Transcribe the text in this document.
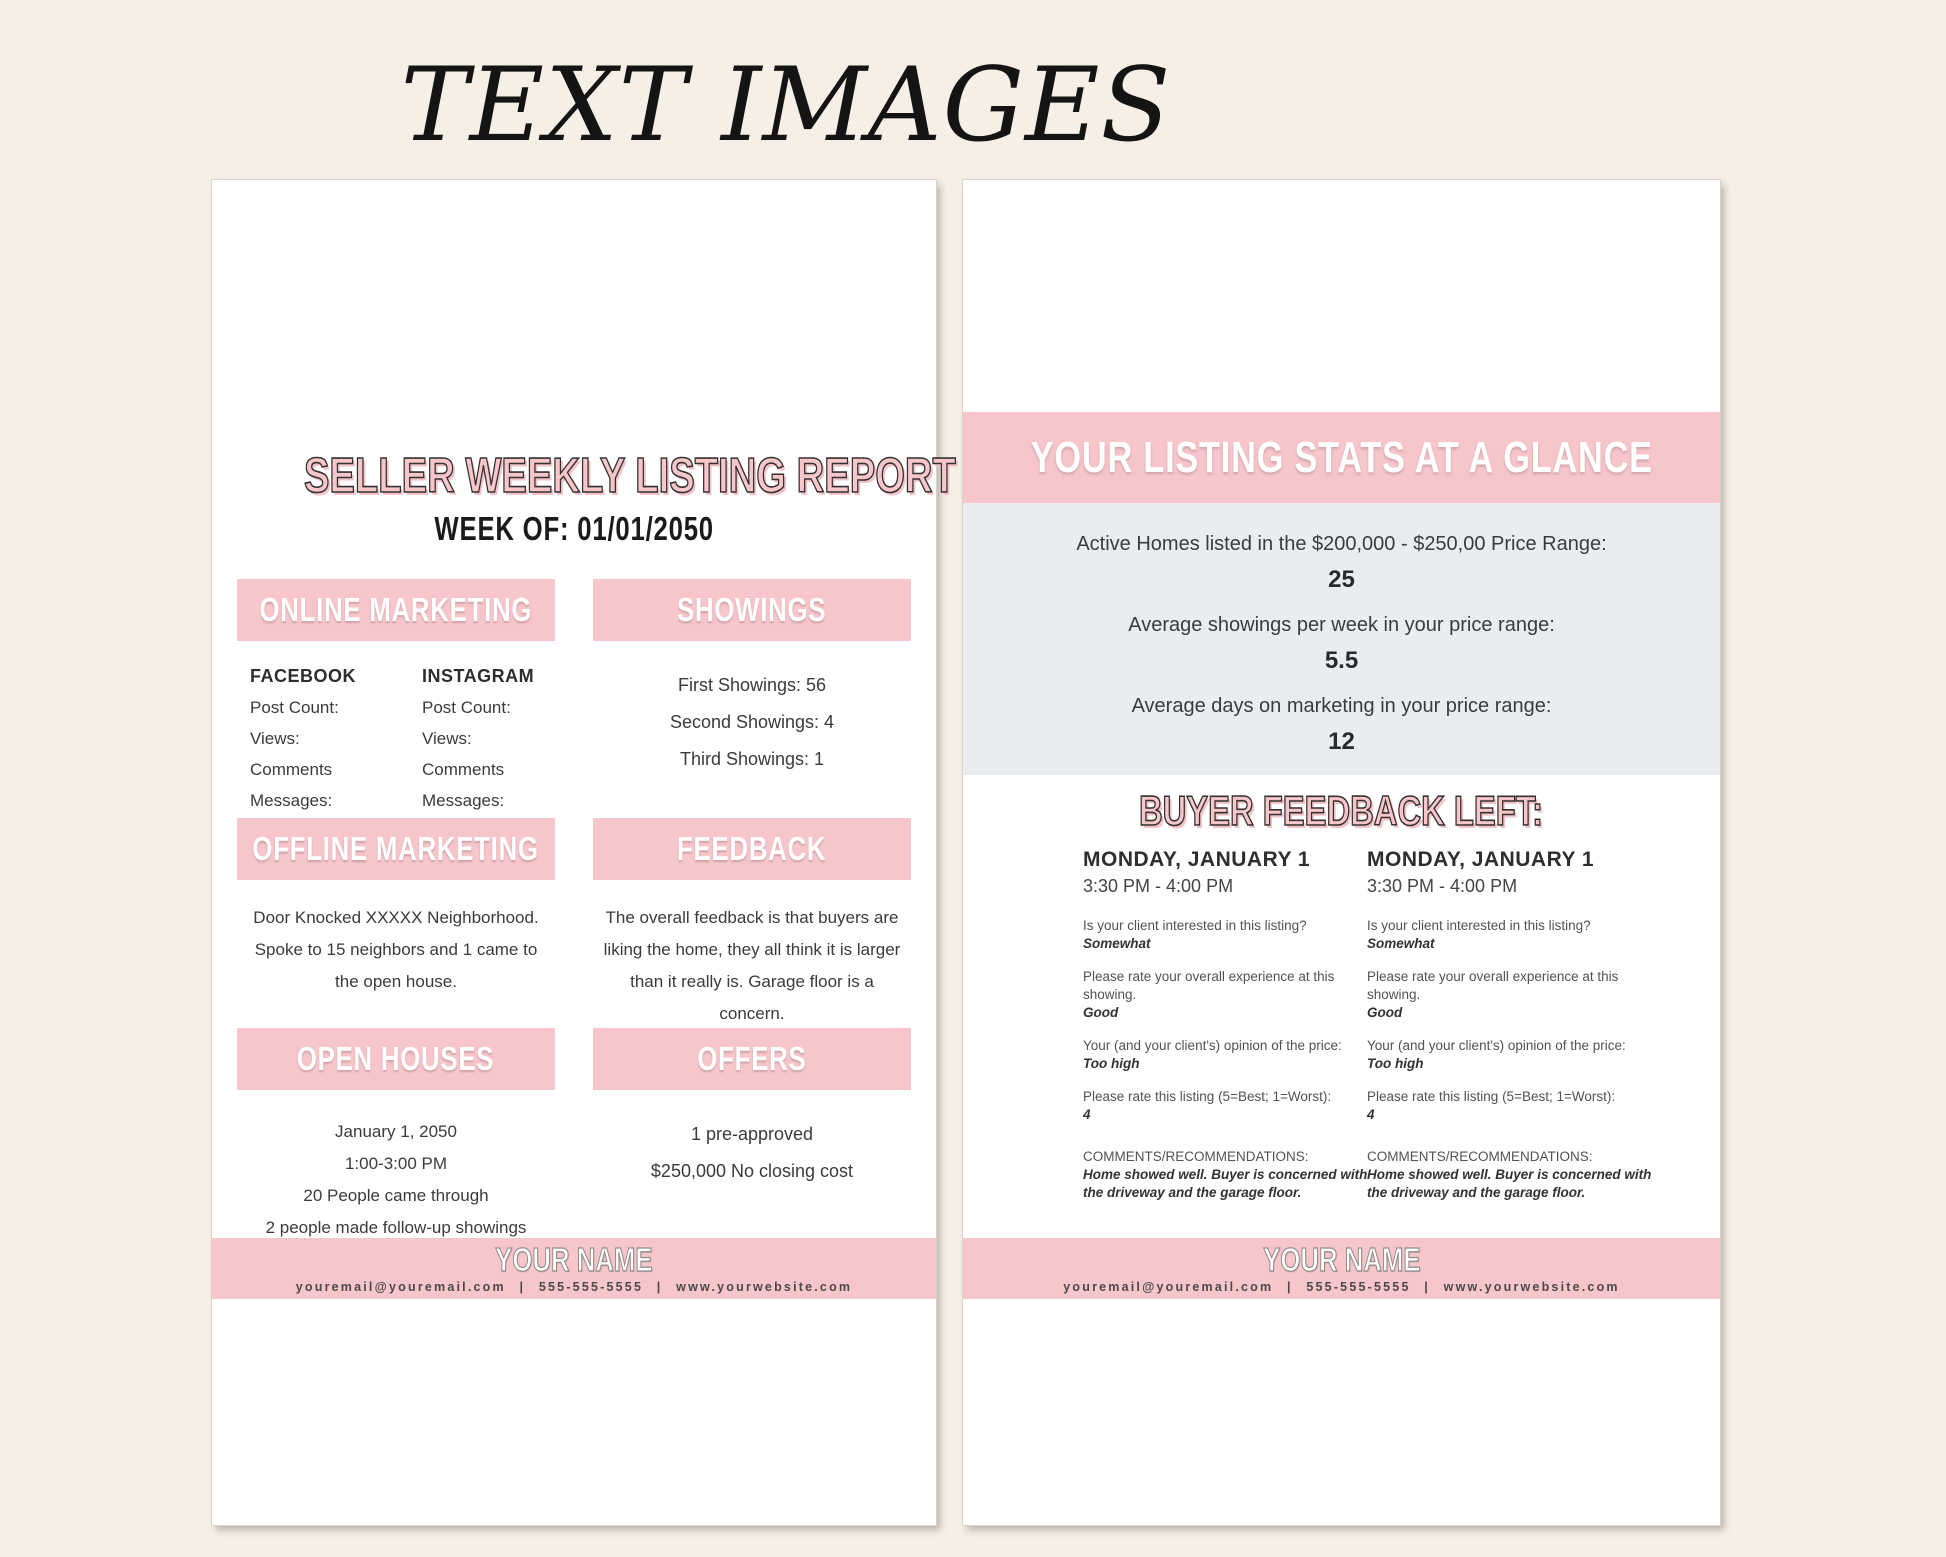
TEXT IMAGES
SELLER WEEKLY LISTING REPORT
WEEK OF: 01/01/2050
ONLINE MARKETING
FACEBOOK
Post Count:
Views:
Comments
Messages:
INSTAGRAM
Post Count:
Views:
Comments
Messages:
SHOWINGS
First Showings: 56
Second Showings: 4
Third Showings: 1
OFFLINE MARKETING
Door Knocked XXXXX Neighborhood. Spoke to 15 neighbors and 1 came to the open house.
FEEDBACK
The overall feedback is that buyers are liking the home, they all think it is larger than it really is. Garage floor is a concern.
OPEN HOUSES
January 1, 2050
1:00-3:00 PM
20 People came through
2 people made follow-up showings
OFFERS
1 pre-approved
$250,000 No closing cost
YOUR NAME
youremail@youremail.com | 555-555-5555 | www.yourwebsite.com
YOUR LISTING STATS AT A GLANCE
Active Homes listed in the $200,000 - $250,00 Price Range:
25
Average showings per week in your price range:
5.5
Average days on marketing in your price range:
12
BUYER FEEDBACK LEFT:
MONDAY, JANUARY 1
3:30 PM - 4:00 PM
Is your client interested in this listing?
Somewhat
Please rate your overall experience at this showing.
Good
Your (and your client's) opinion of the price:
Too high
Please rate this listing (5=Best; 1=Worst):
4
COMMENTS/RECOMMENDATIONS:
Home showed well. Buyer is concerned with the driveway and the garage floor.
MONDAY, JANUARY 1
3:30 PM - 4:00 PM
Is your client interested in this listing?
Somewhat
Please rate your overall experience at this showing.
Good
Your (and your client's) opinion of the price:
Too high
Please rate this listing (5=Best; 1=Worst):
4
COMMENTS/RECOMMENDATIONS:
Home showed well. Buyer is concerned with the driveway and the garage floor.
YOUR NAME
youremail@youremail.com | 555-555-5555 | www.yourwebsite.com
